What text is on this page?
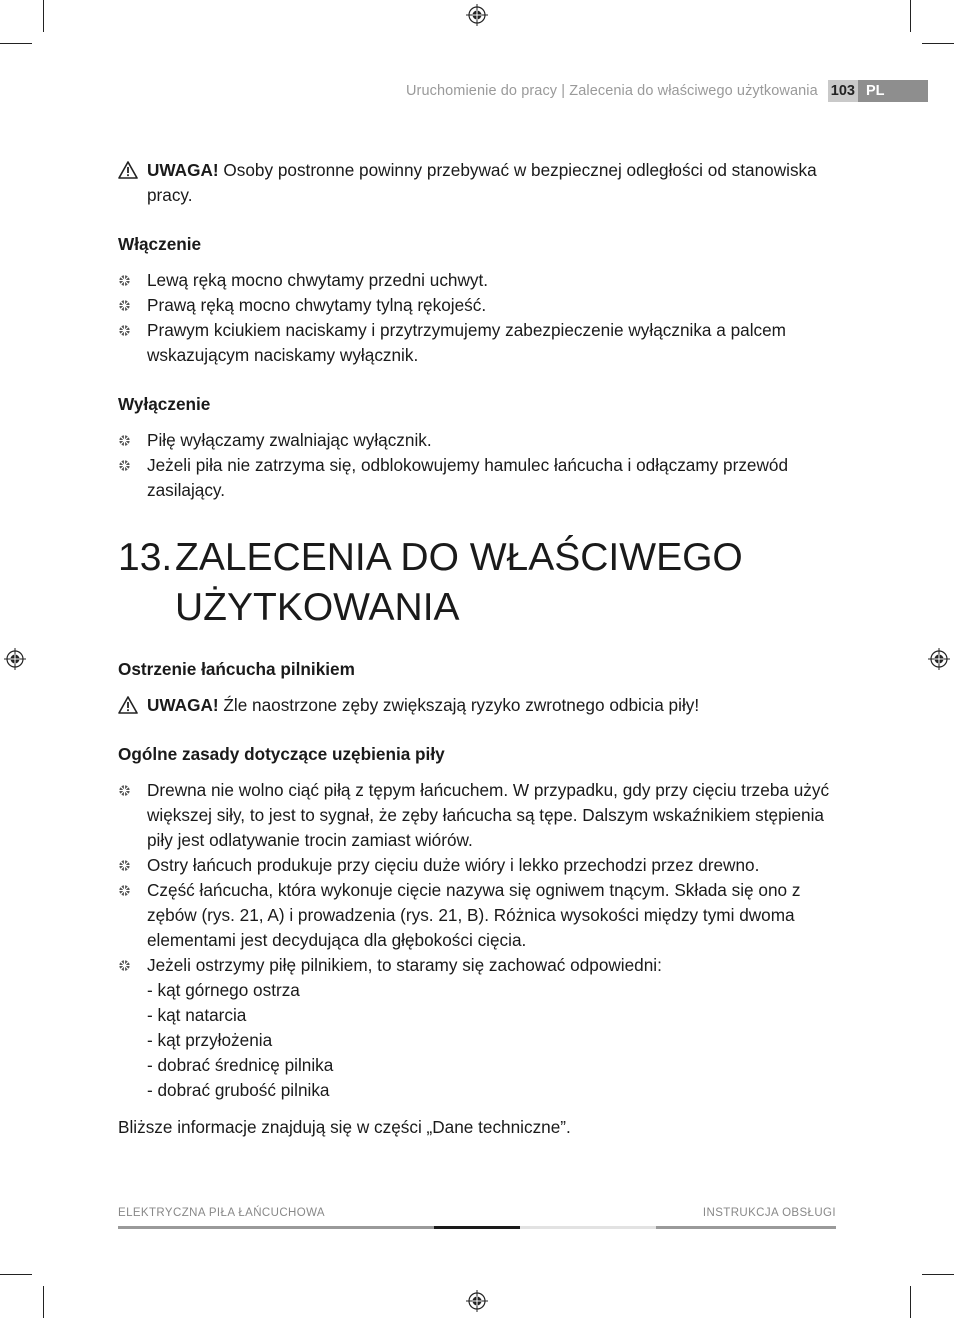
Uruchomienie do pracy | Zalecenia do właściwego użytkowania 103 PL

UWAGA! Osoby postronne powinny przebywać w bezpiecznej odległości od stanowiska pracy.

Włączenie
Lewą ręką mocno chwytamy przedni uchwyt.
Prawą ręką mocno chwytamy tylną rękojeść.
Prawym kciukiem naciskamy i przytrzymujemy zabezpieczenie wyłącznika a palcem wskazującym naciskamy wyłącznik.
Wyłączenie
Piłę wyłączamy zwalniając wyłącznik.
Jeżeli piła nie zatrzyma się, odblokowujemy hamulec łańcucha i odłączamy przewód zasilający.
13.ZALECENIA DO WŁAŚCIWEGO
UŻYTKOWANIA
Ostrzenie łańcucha pilnikiem

UWAGA! Źle naostrzone zęby zwiększają ryzyko zwrotnego odbicia piły!

Ogólne zasady dotyczące uzębienia piły
Drewna nie wolno ciąć piłą z tępym łańcuchem. W przypadku, gdy przy cięciu trzeba użyć większej siły, to jest to sygnał, że zęby łańcucha są tępe. Dalszym wskaźnikiem stępienia piły jest odlatywanie trocin zamiast wiórów.
Ostry łańcuch produkuje przy cięciu duże wióry i lekko przechodzi przez drewno.
Część łańcucha, która wykonuje cięcie nazywa się ogniwem tnącym. Składa się ono z zębów (rys. 21, A) i prowadzenia (rys. 21, B). Różnica wysokości między tymi dwoma elementami jest decydująca dla głębokości cięcia.
Jeżeli ostrzymy piłę pilnikiem, to staramy się zachować odpowiedni:
- kąt górnego ostrza
- kąt natarcia
- kąt przyłożenia
- dobrać średnicę pilnika
- dobrać grubość pilnika

Bliższe informacje znajdują się w części „Dane techniczne”.

ELEKTRYCZNA PIŁA ŁAŃCUCHOWA	INSTRUKCJA OBSŁUGI
